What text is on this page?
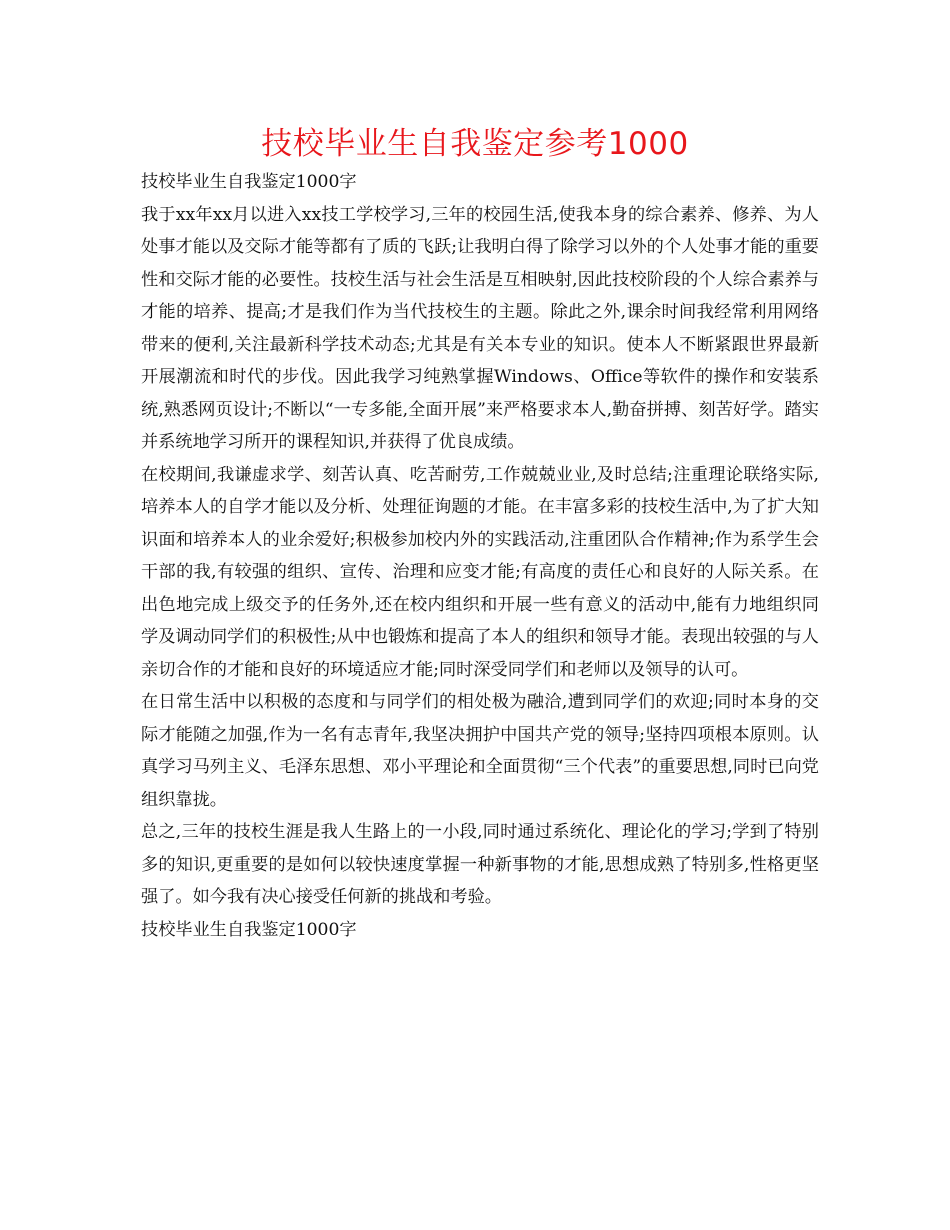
技校毕业生自我鉴定参考1000

技校毕业生自我鉴定1000字

我于xx年xx月以进入xx技工学校学习,三年的校园生活,使我本身的综合素养、修养、为人处事才能以及交际才能等都有了质的飞跃;让我明白得了除学习以外的个人处事才能的重要性和交际才能的必要性。技校生活与社会生活是互相映射,因此技校阶段的个人综合素养与才能的培养、提高;才是我们作为当代技校生的主题。除此之外,课余时间我经常利用网络带来的便利,关注最新科学技术动态;尤其是有关本专业的知识。使本人不断紧跟世界最新开展潮流和时代的步伐。因此我学习纯熟掌握Windows、Office等软件的操作和安装系统,熟悉网页设计;不断以“一专多能,全面开展”来严格要求本人,勤奋拼搏、刻苦好学。踏实并系统地学习所开的课程知识,并获得了优良成绩。

在校期间,我谦虚求学、刻苦认真、吃苦耐劳,工作兢兢业业,及时总结;注重理论联络实际,培养本人的自学才能以及分析、处理征询题的才能。在丰富多彩的技校生活中,为了扩大知识面和培养本人的业余爱好;积极参加校内外的实践活动,注重团队合作精神;作为系学生会干部的我,有较强的组织、宣传、治理和应变才能;有高度的责任心和良好的人际关系。在出色地完成上级交予的任务外,还在校内组织和开展一些有意义的活动中,能有力地组织同学及调动同学们的积极性;从中也锻炼和提高了本人的组织和领导才能。表现出较强的与人亲切合作的才能和良好的环境适应才能;同时深受同学们和老师以及领导的认可。

在日常生活中以积极的态度和与同学们的相处极为融洽,遭到同学们的欢迎;同时本身的交际才能随之加强,作为一名有志青年,我坚决拥护中国共产党的领导;坚持四项根本原则。认真学习马列主义、毛泽东思想、邓小平理论和全面贯彻“三个代表”的重要思想,同时已向党组织靠拢。

总之,三年的技校生涯是我人生路上的一小段,同时通过系统化、理论化的学习;学到了特别多的知识,更重要的是如何以较快速度掌握一种新事物的才能,思想成熟了特别多,性格更坚强了。如今我有决心接受任何新的挑战和考验。

技校毕业生自我鉴定1000字
